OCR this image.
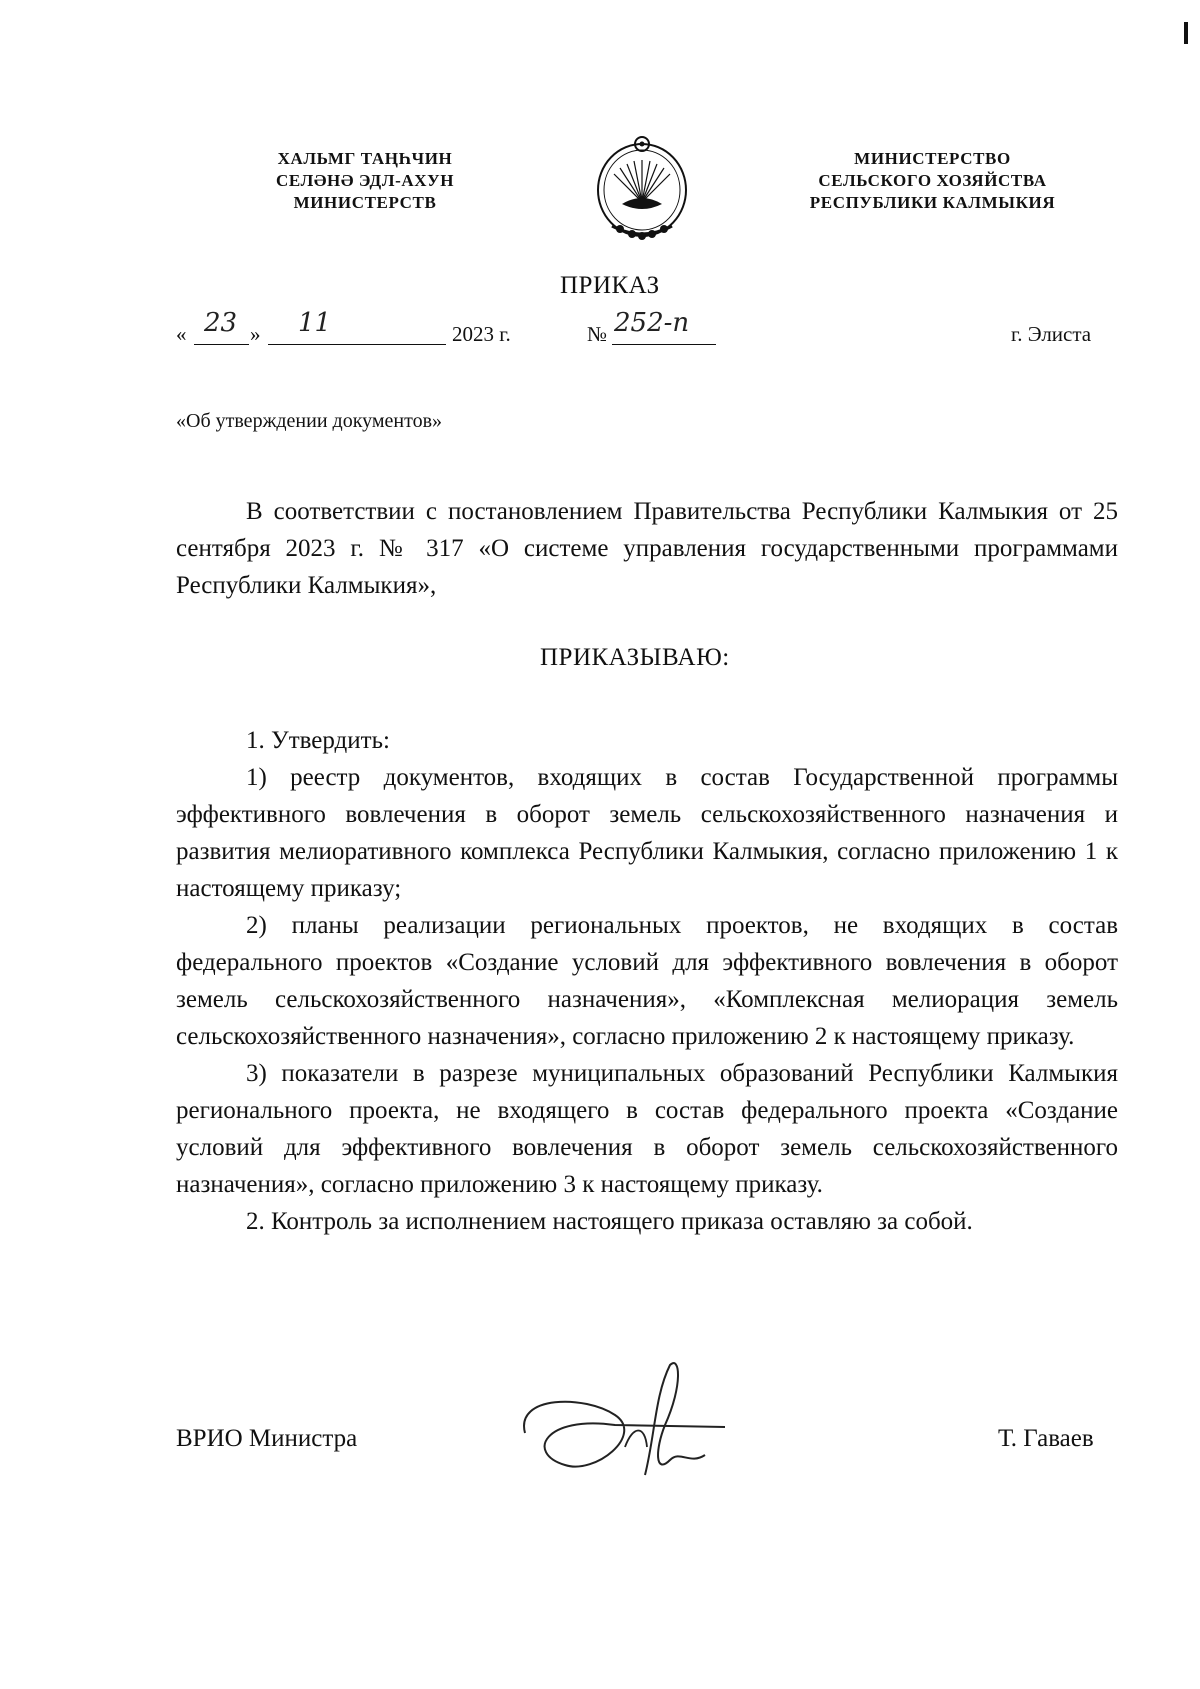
ХАЛЬМГ ТАҢҺЧИН
СЕЛӘНӘ ЭДЛ-АХУН
МИНИСТЕРСТВ
МИНИСТЕРСТВО
СЕЛЬСКОГО ХОЗЯЙСТВА
РЕСПУБЛИКИ КАЛМЫКИЯ
ПРИКАЗ
« 23 » 11	2023 г.	№ 252-п	г. Элиста
«Об утверждении документов»
В соответствии с постановлением Правительства Республики Калмыкия от 25 сентября 2023 г. № 317 «О системе управления государственными программами Республики Калмыкия»,
ПРИКАЗЫВАЮ:
1. Утвердить:

1) реестр документов, входящих в состав Государственной программы эффективного вовлечения в оборот земель сельскохозяйственного назначения и развития мелиоративного комплекса Республики Калмыкия, согласно приложению 1 к настоящему приказу;

2) планы реализации региональных проектов, не входящих в состав федерального проектов «Создание условий для эффективного вовлечения в оборот земель сельскохозяйственного назначения», «Комплексная мелиорация земель сельскохозяйственного назначения», согласно приложению 2 к настоящему приказу.

3) показатели в разрезе муниципальных образований Республики Калмыкия регионального проекта, не входящего в состав федерального проекта «Создание условий для эффективного вовлечения в оборот земель сельскохозяйственного назначения», согласно приложению 3 к настоящему приказу.

2. Контроль за исполнением настоящего приказа оставляю за собой.

ВРИО Министра	Т. Гаваев
